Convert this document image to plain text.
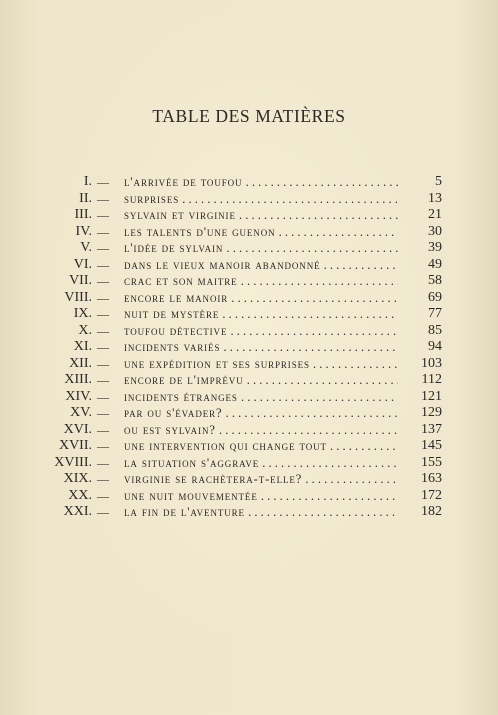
TABLE DES MATIÈRES
I. — l'arrivée de toufou . . .	5
II. — surprises . . .	13
III. — sylvain et virginie . . .	21
IV. — les talents d'une guenon . . .	30
V. — l'idée de sylvain . . .	39
VI. — dans le vieux manoir abandonné . . .	49
VII. — crac et son maitre . . .	58
VIII. — encore le manoir . . .	69
IX. — nuit de mystère . . .	77
X. — toufou détective . . .	85
XI. — incidents variés . . .	94
XII. — une expédition et ses surprises . . .	103
XIII. — encore de l'imprévu . . .	112
XIV. — incidents étranges . . .	121
XV. — par ou s'évader? . . .	129
XVI. — ou est sylvain? . . .	137
XVII. — une intervention qui change tout . . .	145
XVIII. — la situation s'aggrave . . .	155
XIX. — virginie se rachètera-t-elle? . . .	163
XX. — une nuit mouvementée . . .	172
XXI. — la fin de l'aventure . . .	182
